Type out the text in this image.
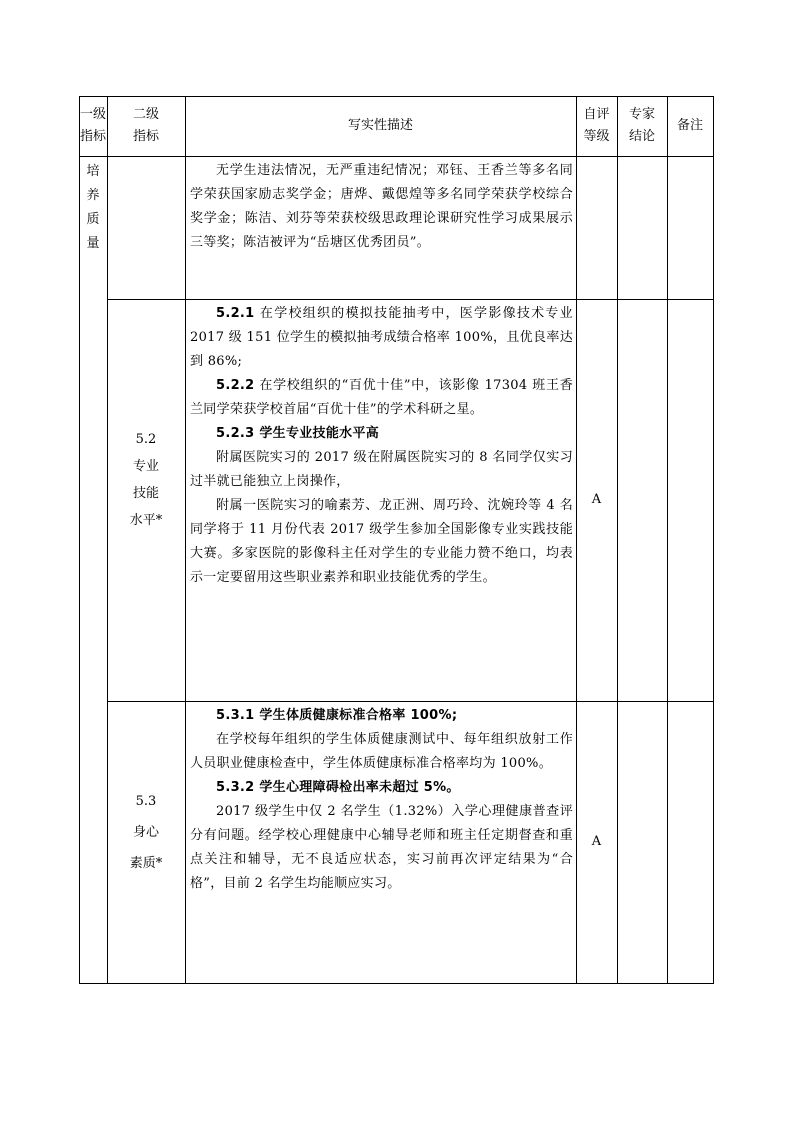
一级
指标
二级
指标
写实性描述
自评
等级
专家
结论
备注
培
养
质
量

无学生违法情况，无严重违纪情况；邓钰、王香兰等多名同学荣获国家励志奖学金；唐烨、戴偲煌等多名同学荣获学校综合奖学金；陈洁、刘芬等荣获校级思政理论课研究性学习成果展示三等奖；陈洁被评为“岳塘区优秀团员”。

5.2
专业
技能
水平*
A

5.2.1 在学校组织的模拟技能抽考中，医学影像技术专业 2017 级 151 位学生的模拟抽考成绩合格率 100%，且优良率达到 86%;

5.2.2 在学校组织的“百优十佳”中，该影像 17304 班王香兰同学荣获学校首届“百优十佳”的学术科研之星。

5.2.3 学生专业技能水平高

附属医院实习的 2017 级在附属医院实习的 8 名同学仅实习过半就已能独立上岗操作，

附属一医院实习的喻素芳、龙正洲、周巧玲、沈婉玲等 4 名同学将于 11 月份代表 2017 级学生参加全国影像专业实践技能大赛。多家医院的影像科主任对学生的专业能力赞不绝口，均表示一定要留用这些职业素养和职业技能优秀的学生。

5.3
身心
素质*
A

5.3.1 学生体质健康标准合格率 100%;

在学校每年组织的学生体质健康测试中、每年组织放射工作人员职业健康检查中，学生体质健康标准合格率均为 100%。

5.3.2 学生心理障碍检出率未超过 5%。

2017 级学生中仅 2 名学生（1.32%）入学心理健康普查评分有问题。经学校心理健康中心辅导老师和班主任定期督查和重点关注和辅导，无不良适应状态，实习前再次评定结果为“合格”，目前 2 名学生均能顺应实习。
